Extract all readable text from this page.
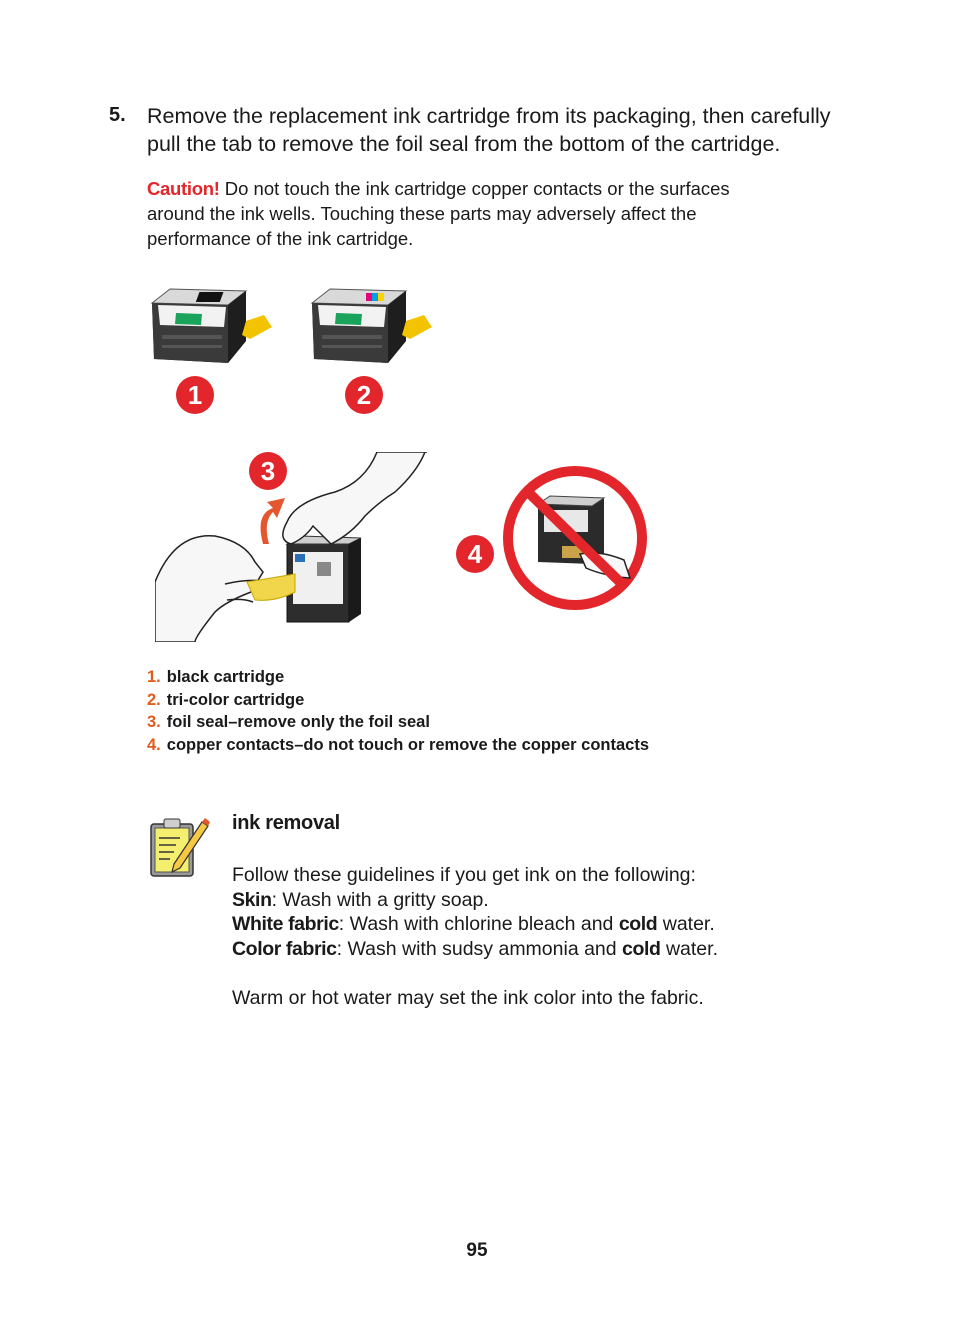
5. Remove the replacement ink cartridge from its packaging, then carefully
pull the tab to remove the foil seal from the bottom of the cartridge.
Caution! Do not touch the ink cartridge copper contacts or the surfaces
around the ink wells. Touching these parts may adversely affect the
performance of the ink cartridge.
1	2
3
4
1. black cartridge
2. tri-color cartridge
3. foil seal–remove only the foil seal
4. copper contacts–do not touch or remove the copper contacts
ink removal
Follow these guidelines if you get ink on the following:
Skin: Wash with a gritty soap.
White fabric: Wash with chlorine bleach and cold water.
Color fabric: Wash with sudsy ammonia and cold water.
Warm or hot water may set the ink color into the fabric.
95
